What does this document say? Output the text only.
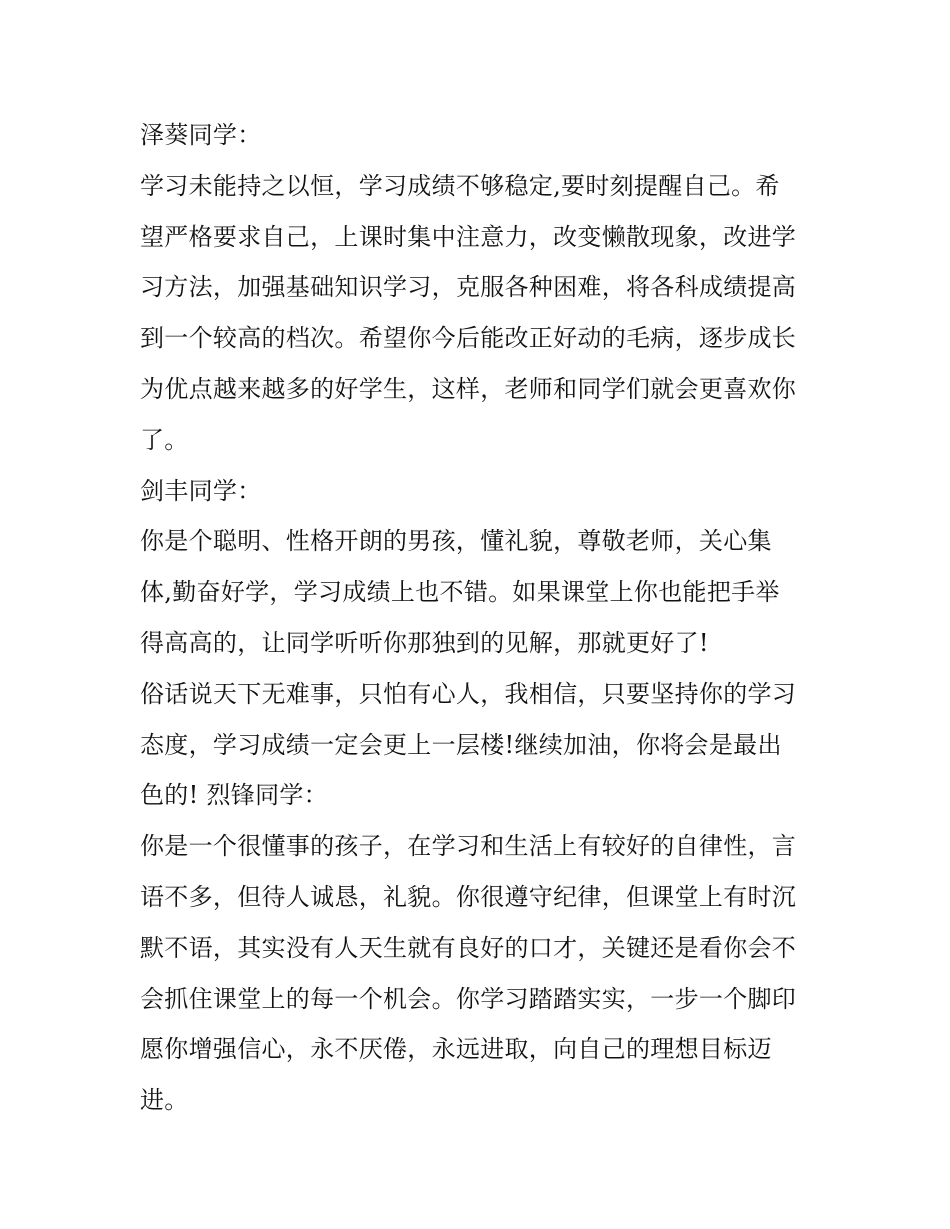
泽葵同学：
学习未能持之以恒，学习成绩不够稳定,要时刻提醒自己。希
望严格要求自己，上课时集中注意力，改变懒散现象，改进学
习方法，加强基础知识学习，克服各种困难，将各科成绩提高
到一个较高的档次。希望你今后能改正好动的毛病，逐步成长
为优点越来越多的好学生，这样，老师和同学们就会更喜欢你
了。
剑丰同学：
你是个聪明、性格开朗的男孩，懂礼貌，尊敬老师，关心集
体,勤奋好学，学习成绩上也不错。如果课堂上你也能把手举
得高高的，让同学听听你那独到的见解，那就更好了!
俗话说天下无难事，只怕有心人，我相信，只要坚持你的学习
态度，学习成绩一定会更上一层楼!继续加油，你将会是最出
色的! 烈锋同学：
你是一个很懂事的孩子，在学习和生活上有较好的自律性，言
语不多，但待人诚恳，礼貌。你很遵守纪律，但课堂上有时沉
默不语，其实没有人天生就有良好的口才，关键还是看你会不
会抓住课堂上的每一个机会。你学习踏踏实实，一步一个脚印
愿你增强信心，永不厌倦，永远进取，向自己的理想目标迈
进。
